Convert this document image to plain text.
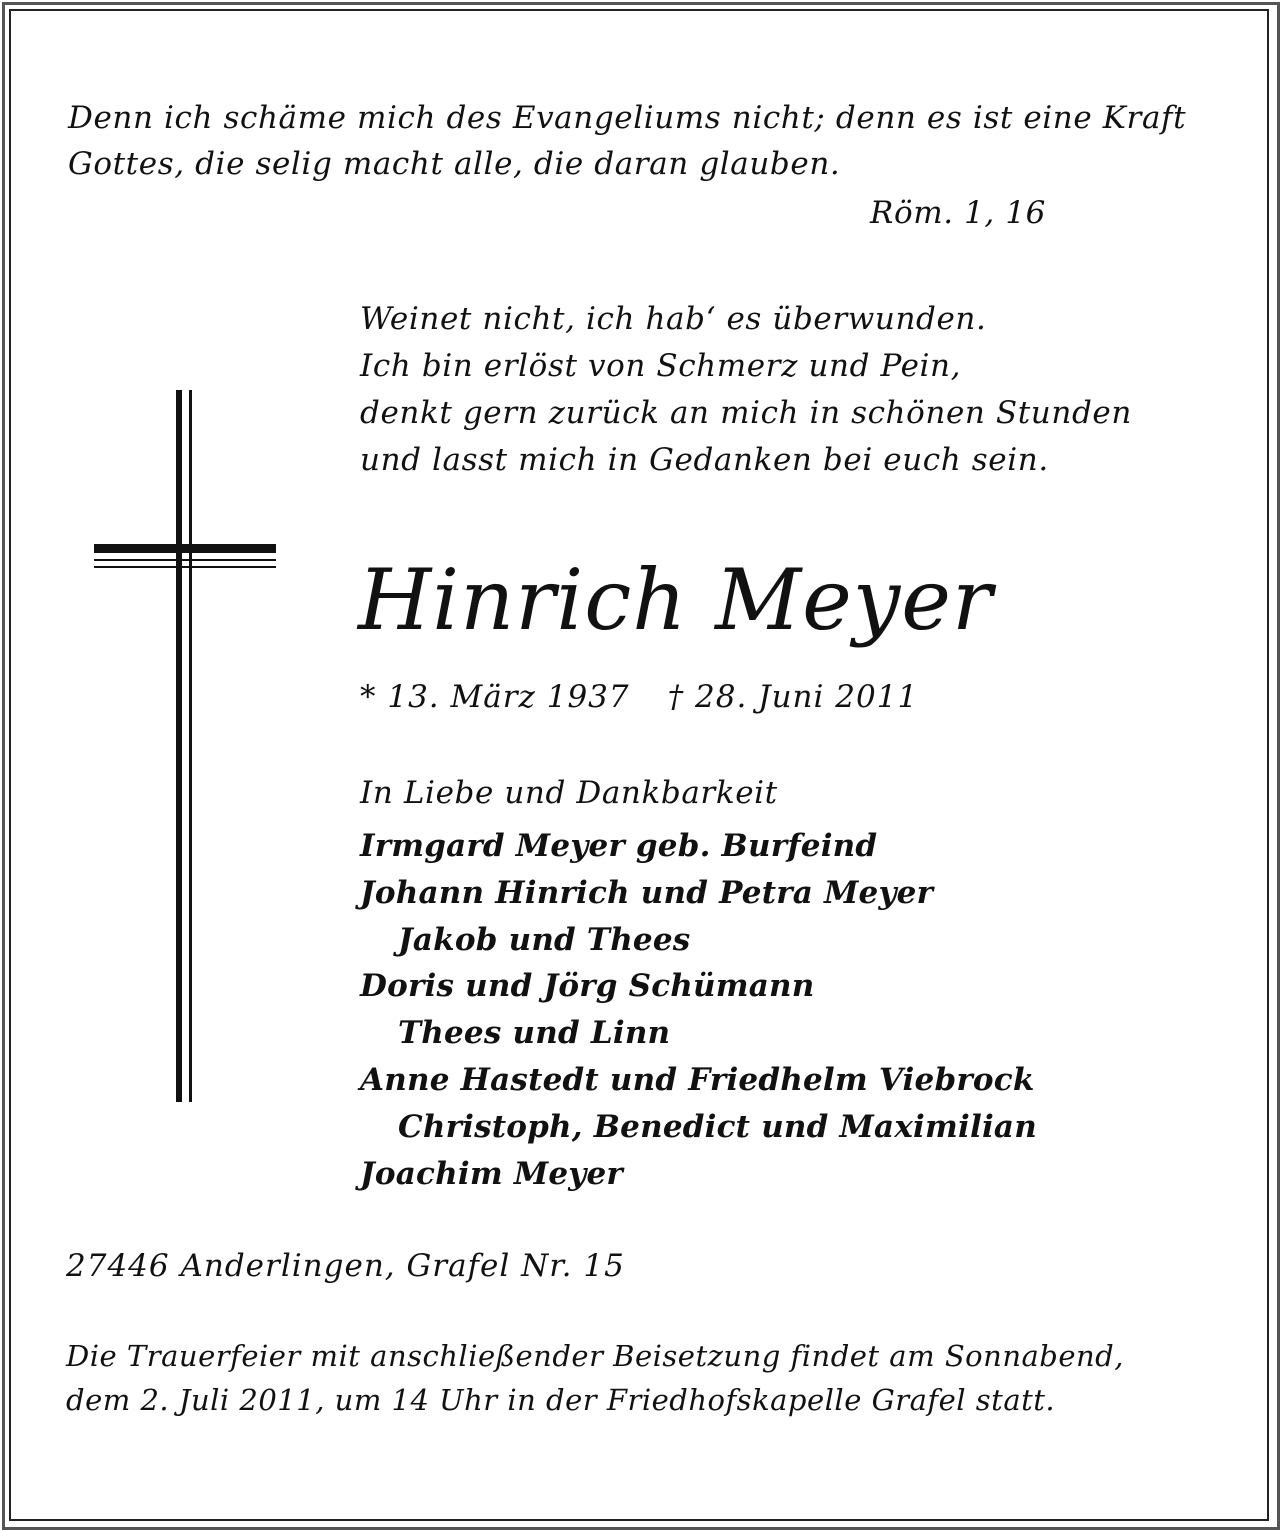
Denn ich schäme mich des Evangeliums nicht; denn es ist eine Kraft
Gottes, die selig macht alle, die daran glauben.
Röm. 1, 16
Weinet nicht, ich hab‘ es überwunden.
Ich bin erlöst von Schmerz und Pein,
denkt gern zurück an mich in schönen Stunden
und lasst mich in Gedanken bei euch sein.
Hinrich Meyer
* 13. März 1937 † 28. Juni 2011
In Liebe und Dankbarkeit
Irmgard Meyer geb. Burfeind
Johann Hinrich und Petra Meyer
Jakob und Thees
Doris und Jörg Schümann
Thees und Linn
Anne Hastedt und Friedhelm Viebrock
Christoph, Benedict und Maximilian
Joachim Meyer
27446 Anderlingen, Grafel Nr. 15
Die Trauerfeier mit anschließender Beisetzung findet am Sonnabend,
dem 2. Juli 2011, um 14 Uhr in der Friedhofskapelle Grafel statt.
